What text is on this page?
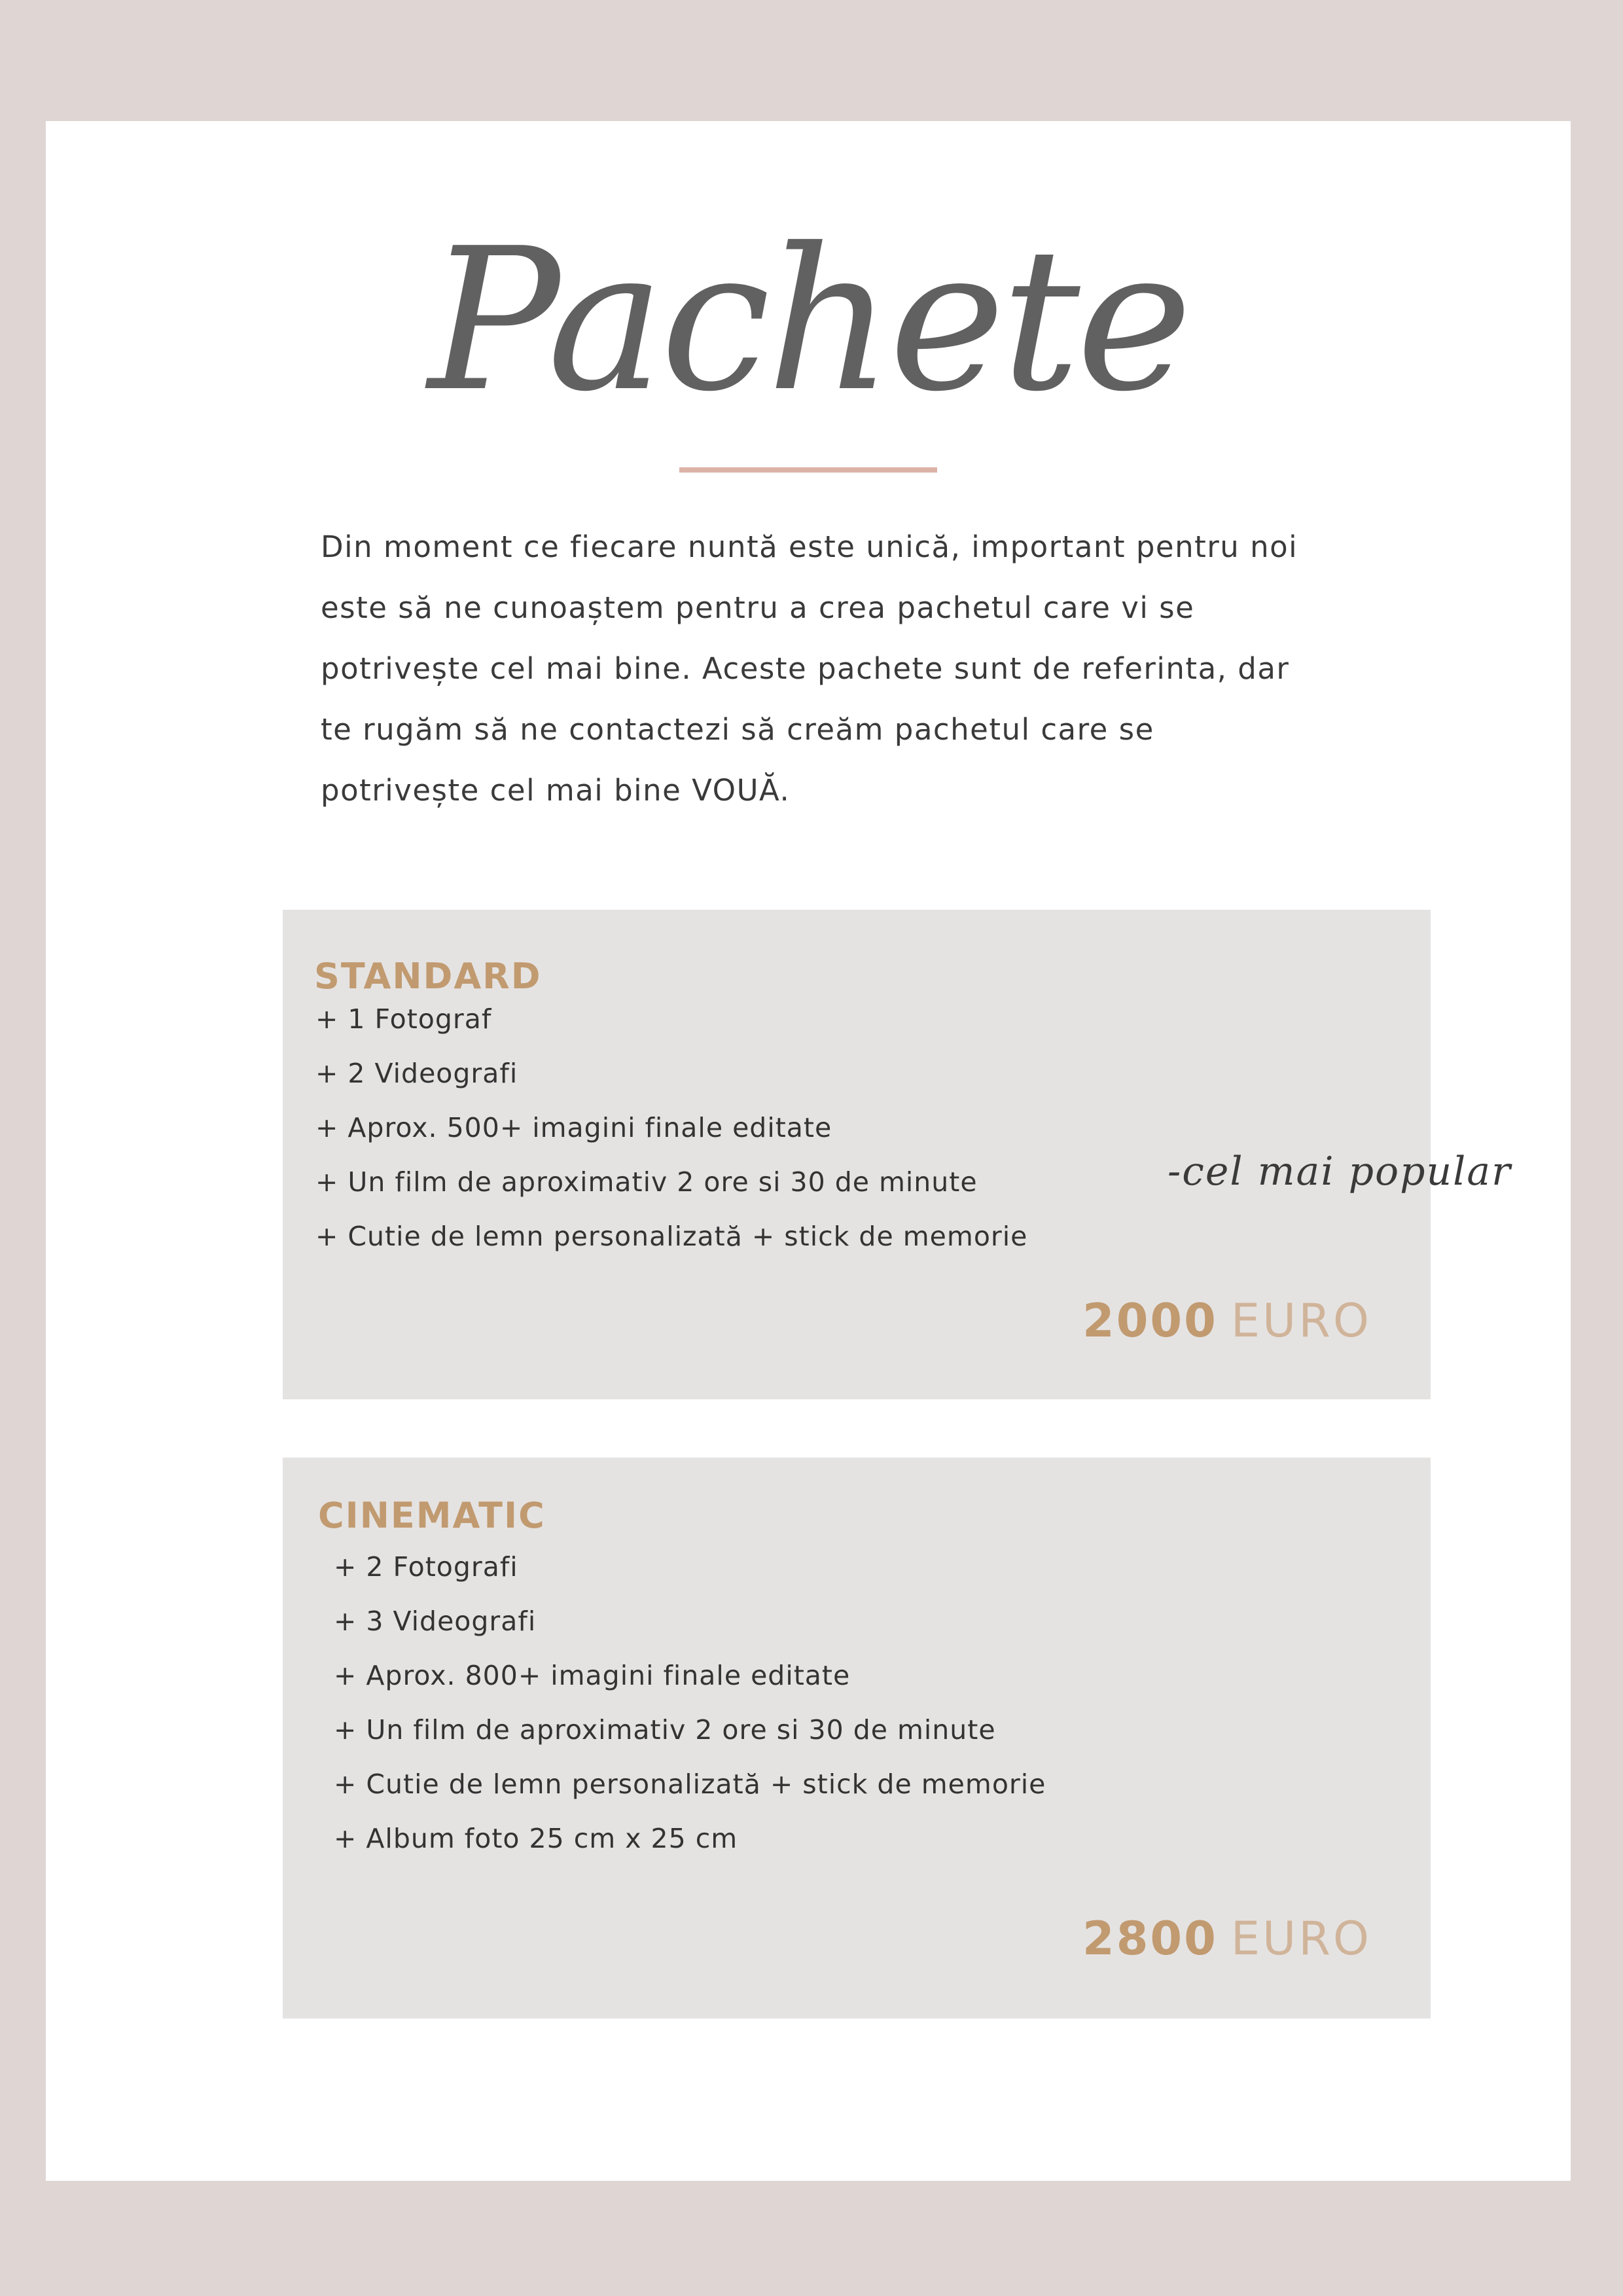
Pachete

Din moment ce fiecare nuntă este unică, important pentru noi este să ne cunoaștem pentru a crea pachetul care vi se potrivește cel mai bine. Aceste pachete sunt de referinta, dar te rugăm să ne contactezi să creăm pachetul care se potrivește cel mai bine VOUĂ.

STANDARD
+ 1 Fotograf
+ 2 Videografi
+ Aprox. 500+ imagini finale editate
+ Un film de aproximativ 2 ore si 30 de minute
+ Cutie de lemn personalizată + stick de memorie
-cel mai popular
2000 EURO
CINEMATIC
+ 2 Fotografi
+ 3 Videografi
+ Aprox. 800+ imagini finale editate
+ Un film de aproximativ 2 ore si 30 de minute
+ Cutie de lemn personalizată + stick de memorie
+ Album foto 25 cm x 25 cm
2800 EURO
